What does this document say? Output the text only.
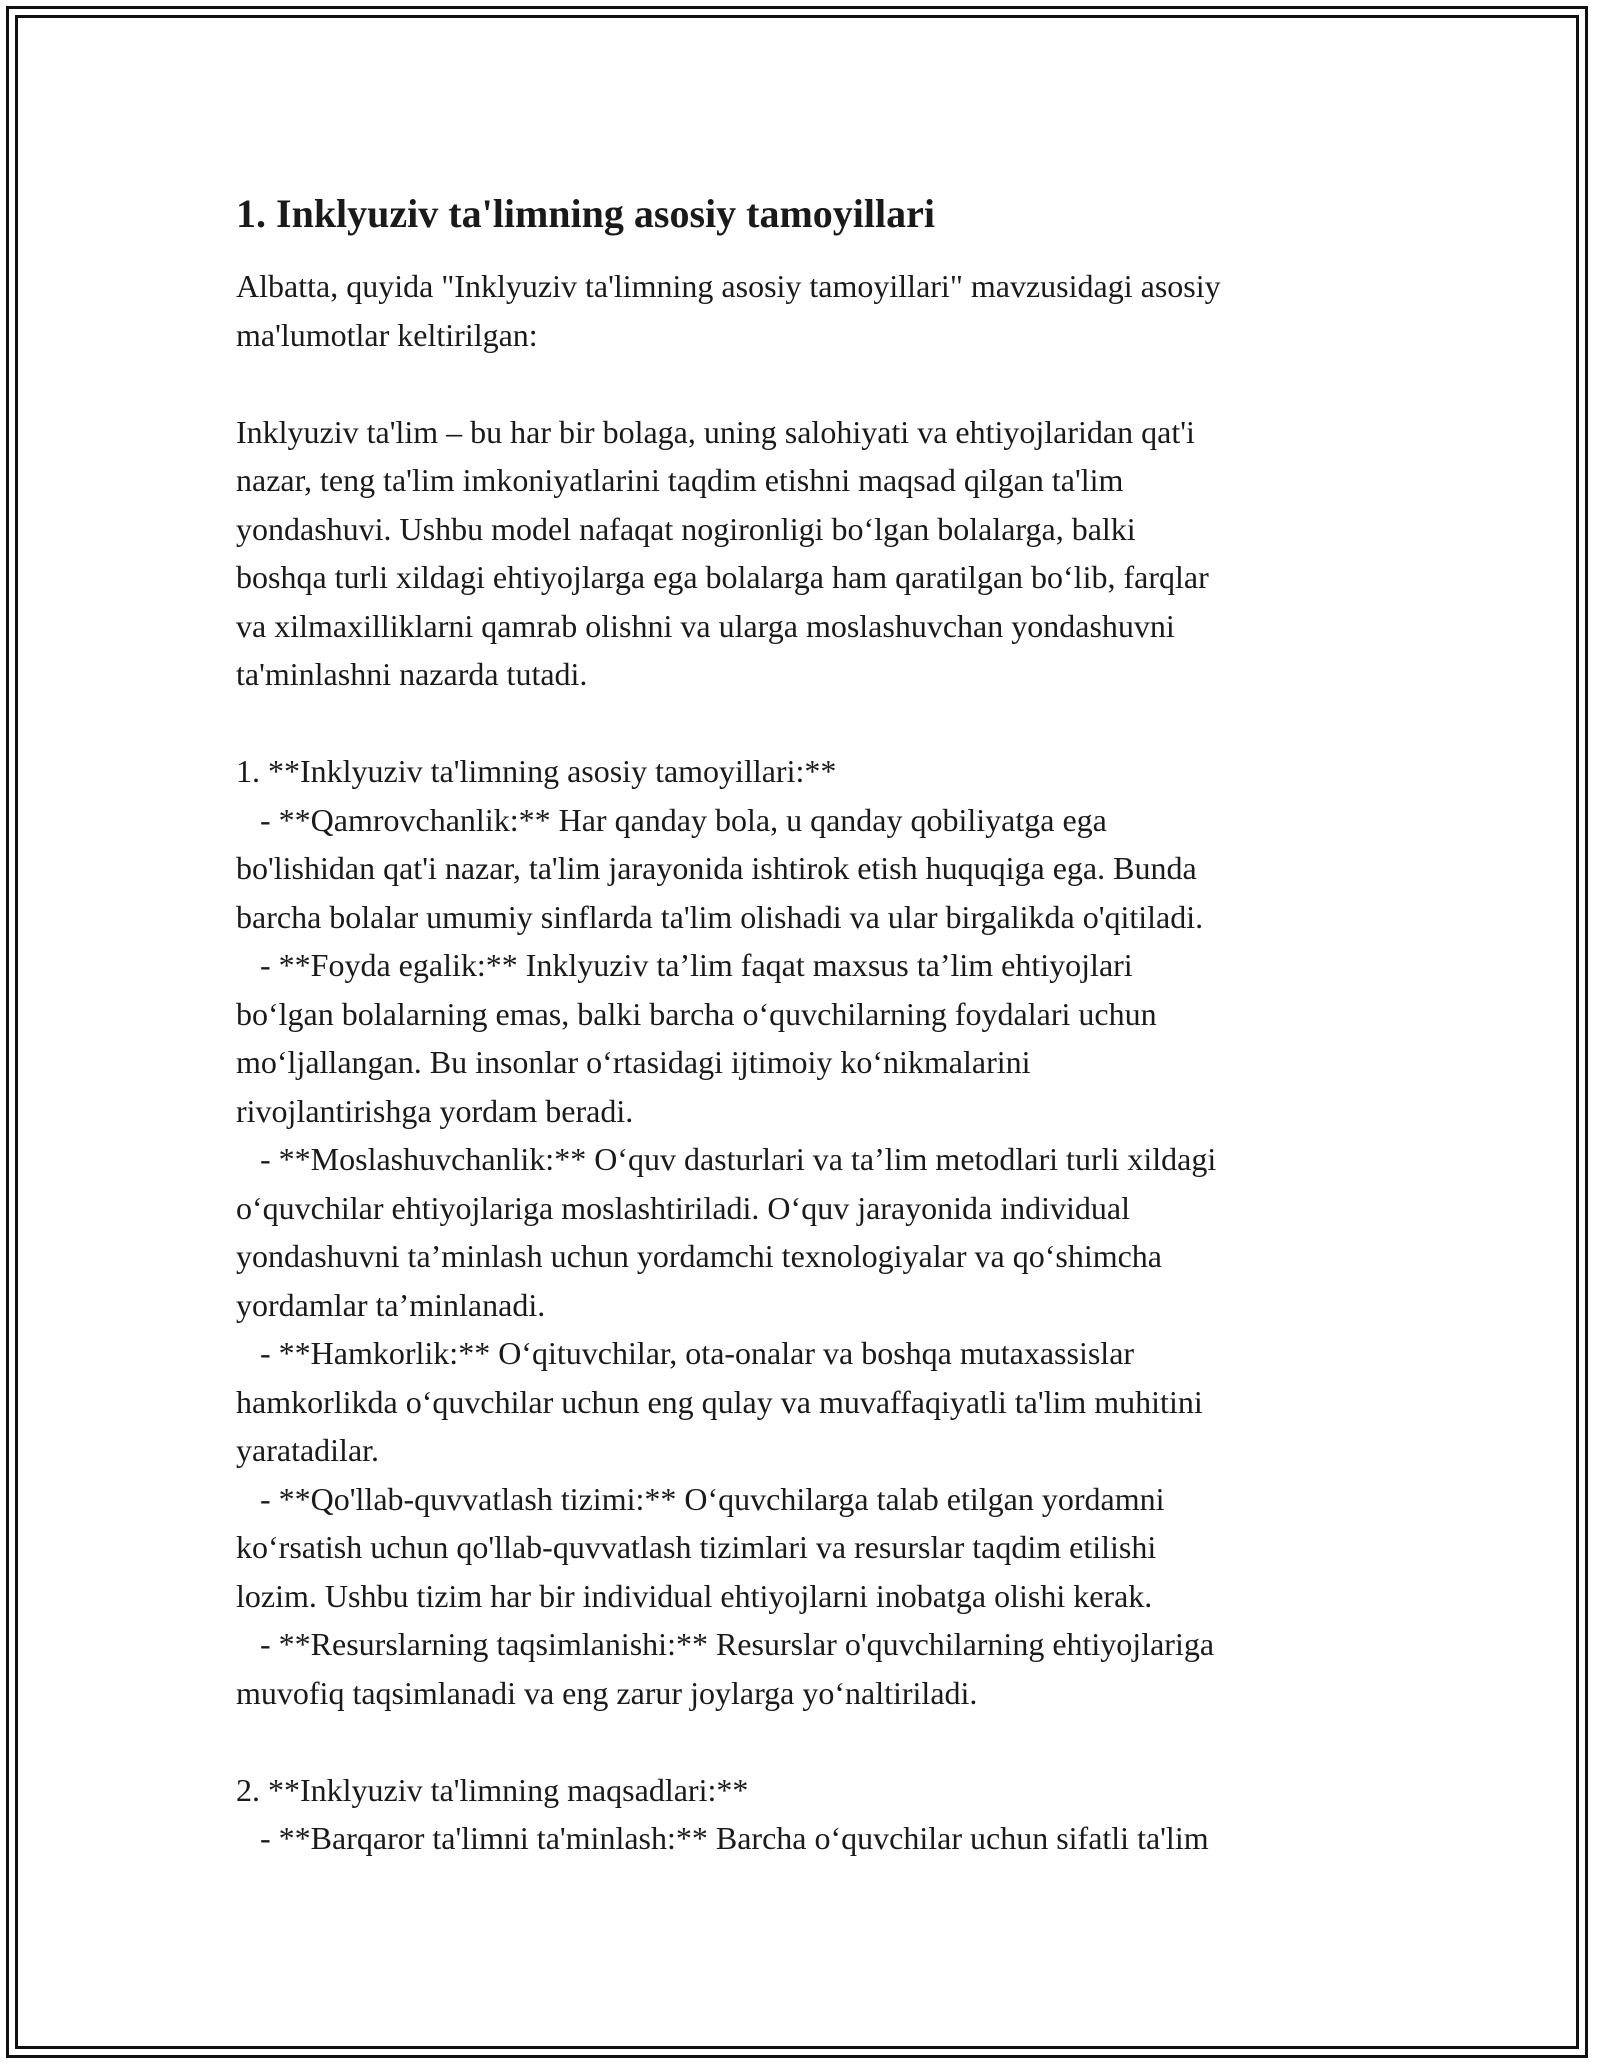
1. Inklyuziv ta'limning asosiy tamoyillari

Albatta, quyida "Inklyuziv ta'limning asosiy tamoyillari" mavzusidagi asosiy
ma'lumotlar keltirilgan:

Inklyuziv ta'lim – bu har bir bolaga, uning salohiyati va ehtiyojlaridan qat'i
nazar, teng ta'lim imkoniyatlarini taqdim etishni maqsad qilgan ta'lim
yondashuvi. Ushbu model nafaqat nogironligi bo‘lgan bolalarga, balki
boshqa turli xildagi ehtiyojlarga ega bolalarga ham qaratilgan bo‘lib, farqlar
va xilmaxilliklarni qamrab olishni va ularga moslashuvchan yondashuvni
ta'minlashni nazarda tutadi.

1. **Inklyuziv ta'limning asosiy tamoyillari:**

- **Qamrovchanlik:** Har qanday bola, u qanday qobiliyatga ega
bo'lishidan qat'i nazar, ta'lim jarayonida ishtirok etish huquqiga ega. Bunda
barcha bolalar umumiy sinflarda ta'lim olishadi va ular birgalikda o'qitiladi.

- **Foyda egalik:** Inklyuziv ta’lim faqat maxsus ta’lim ehtiyojlari
bo‘lgan bolalarning emas, balki barcha o‘quvchilarning foydalari uchun
mo‘ljallangan. Bu insonlar o‘rtasidagi ijtimoiy ko‘nikmalarini
rivojlantirishga yordam beradi.

- **Moslashuvchanlik:** O‘quv dasturlari va ta’lim metodlari turli xildagi
o‘quvchilar ehtiyojlariga moslashtiriladi. O‘quv jarayonida individual
yondashuvni ta’minlash uchun yordamchi texnologiyalar va qo‘shimcha
yordamlar ta’minlanadi.

- **Hamkorlik:** O‘qituvchilar, ota-onalar va boshqa mutaxassislar
hamkorlikda o‘quvchilar uchun eng qulay va muvaffaqiyatli ta'lim muhitini
yaratadilar.

- **Qo'llab-quvvatlash tizimi:** O‘quvchilarga talab etilgan yordamni
ko‘rsatish uchun qo'llab-quvvatlash tizimlari va resurslar taqdim etilishi
lozim. Ushbu tizim har bir individual ehtiyojlarni inobatga olishi kerak.

- **Resurslarning taqsimlanishi:** Resurslar o'quvchilarning ehtiyojlariga
muvofiq taqsimlanadi va eng zarur joylarga yo‘naltiriladi.

2. **Inklyuziv ta'limning maqsadlari:**

- **Barqaror ta'limni ta'minlash:** Barcha o‘quvchilar uchun sifatli ta'lim
